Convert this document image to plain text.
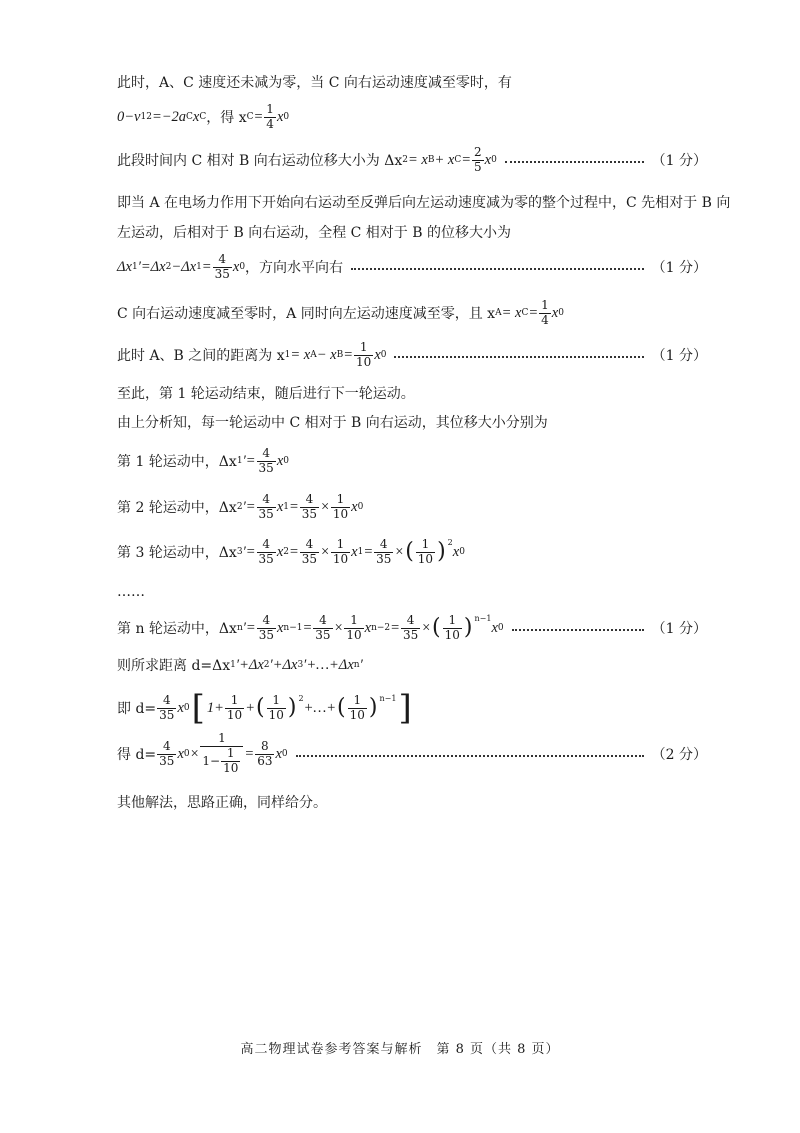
此时，A、C 速度还未减为零，当 C 向右运动速度减至零时，有
0−v 1 2 =−2a C x C ，得 x $C = \frac{1}{4}$ x 0
此段时间内 C 相对 B 向右运动位移大小为 Δx 2 = x B + x $C = \frac{2}{5}$ x 0	（1 分）
即当 A 在电场力作用下开始向右运动至反弹后向左运动速度减为零的整个过程中，C 先相对于 B 向
左运动，后相对于 B 向右运动，全程 C 相对于 B 的位移大小为
Δx 1 ′=Δx 2 −Δx $1 = \frac{4}{35}$ x 0 ，方向水平向右	（1 分）
C 向右运动速度减至零时，A 同时向左运动速度减至零，且 x A = x $C = \frac{1}{4}$ x 0
此时 A、B 之间的距离为 x 1 = x A − x $B = \frac{1}{10}$ x 0	（1 分）
至此，第 1 轮运动结束，随后进行下一轮运动。
由上分析知，每一轮运动中 C 相对于 B 向右运动，其位移大小分别为
第 1 轮运动中，Δx 1 ′= $\frac{4}{35}$ x 0
第 2 轮运动中，Δx 2 ′= $\frac{4}{35}$ x $1 = \frac{4}{35} \times \frac{1}{10}$ x 0
第 3 轮运动中，Δx 3 ′= $\frac{4}{35}$ x $2 = \frac{4}{35} \times \frac{1}{10}$ x $1 = \frac{4}{35}$ × ( $\frac{1}{10}$ ) 2
x 0
……
第 n 轮运动中，Δx n ′= $\frac{4}{35}$ x $n-1 = \frac{4}{35} \times \frac{1}{10}$ x $n-2 = \frac{4}{35}$ × ( $\frac{1}{10}$ ) n−1
x 0	（1 分）
则所求距离 d=Δx 1 ′+Δx 2 ′+Δx 3 ′+…+Δx n ′
即 $d= \frac{4}{35}$ x 0 [ $1 + \frac{1}{10}$ + ( $\frac{1}{10}$ ) 2
+…+ ( $\frac{1}{10}$ ) n−1 ]
得 $d= \frac{4}{35}$ x $0 \times \frac{1}{1- \frac{1}{10}} = \frac{8}{63}$ x 0	（2 分）
其他解法，思路正确，同样给分。
高二物理试卷参考答案与解析　第 8 页（共 8 页）
